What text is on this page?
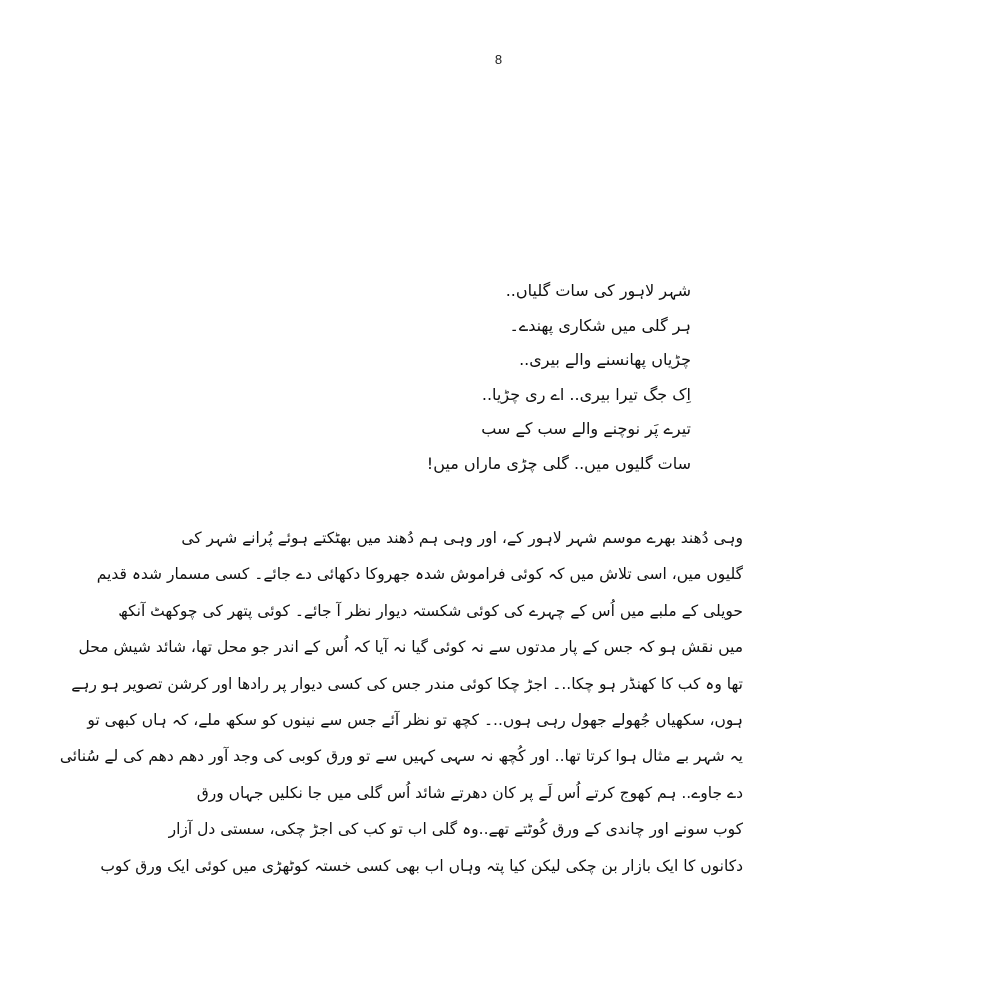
8
شہر لاہور کی سات گلیاں..
ہر گلی میں شکاری پھندے۔
چڑیاں پھانسنے والے بیری..
اِک جگ تیرا بیری.. اے ری چڑیا..
تیرے پَر نوچنے والے سب کے سب
سات گلیوں میں.. گلی چڑی ماراں میں!
وہی دُھند بھرے موسم شہر لاہور کے، اور وہی ہم دُھند میں بھٹکتے ہوئے پُرانے شہر کی
گلیوں میں، اسی تلاش میں کہ کوئی فراموش شدہ جھروکا دکھائی دے جائے۔ کسی مسمار شدہ قدیم
حویلی کے ملبے میں اُس کے چہرے کی کوئی شکستہ دیوار نظر آ جائے۔ کوئی پتھر کی چوکھٹ آنکھ
میں نقش ہو کہ جس کے پار مدتوں سے نہ کوئی گیا نہ آیا کہ اُس کے اندر جو محل تھا، شائد شیش محل
تھا وہ کب کا کھنڈر ہو چکا..۔ اجڑ چکا کوئی مندر جس کی کسی دیوار پر رادھا اور کرشن تصویر ہو رہے
ہوں، سکھیاں جُھولے جھول رہی ہوں..۔ کچھ تو نظر آئے جس سے نینوں کو سکھ ملے، کہ ہاں کبھی تو
یہ شہر بے مثال ہوا کرتا تھا.. اور کُچھ نہ سہی کہیں سے تو ورق کوبی کی وجد آور دھم دھم کی لے سُنائی
دے جاوے.. ہم کھوج کرتے اُس لَے پر کان دھرتے شائد اُس گلی میں جا نکلیں جہاں ورق
کوب سونے اور چاندی کے ورق کُوٹتے تھے..وہ گلی اب تو کب کی اجڑ چکی، سستی دل آزار
دکانوں کا ایک بازار بن چکی لیکن کیا پتہ وہاں اب بھی کسی خستہ کوٹھڑی میں کوئی ایک ورق کوب
